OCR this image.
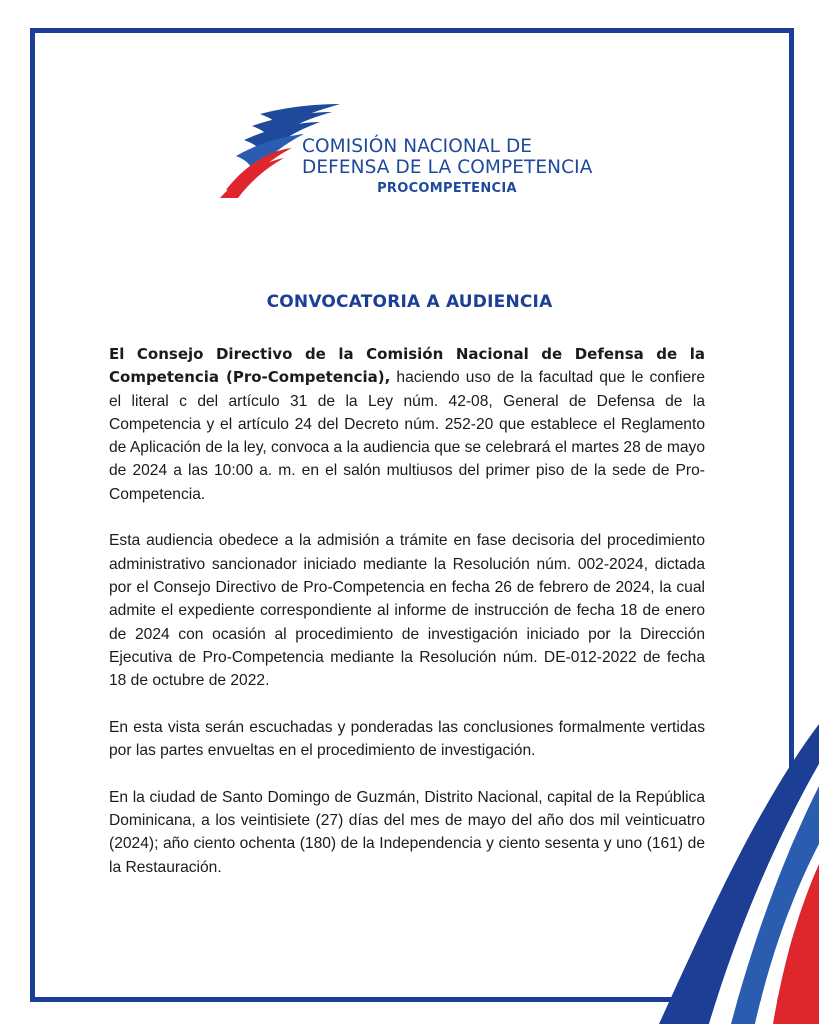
COMISIÓN NACIONAL DE
DEFENSA DE LA COMPETENCIA
PROCOMPETENCIA
CONVOCATORIA A AUDIENCIA

El Consejo Directivo de la Comisión Nacional de Defensa de la Competencia (Pro-Competencia), haciendo uso de la facultad que le confiere el literal c del artículo 31 de la Ley núm. 42-08, General de Defensa de la Competencia y el artículo 24 del Decreto núm. 252-20 que establece el Reglamento de Aplicación de la ley, convoca a la audiencia que se celebrará el martes 28 de mayo de 2024 a las 10:00 a. m. en el salón multiusos del primer piso de la sede de Pro-Competencia.

Esta audiencia obedece a la admisión a trámite en fase decisoria del procedimiento administrativo sancionador iniciado mediante la Resolución núm. 002-2024, dictada por el Consejo Directivo de Pro-Competencia en fecha 26 de febrero de 2024, la cual admite el expediente correspondiente al informe de instrucción de fecha 18 de enero de 2024 con ocasión al procedimiento de investigación iniciado por la Dirección Ejecutiva de Pro-Competencia mediante la Resolución núm. DE-012-2022 de fecha 18 de octubre de 2022.

En esta vista serán escuchadas y ponderadas las conclusiones formalmente vertidas por las partes envueltas en el procedimiento de investigación.

En la ciudad de Santo Domingo de Guzmán, Distrito Nacional, capital de la República Dominicana, a los veintisiete (27) días del mes de mayo del año dos mil veinticuatro (2024); año ciento ochenta (180) de la Independencia y ciento sesenta y uno (161) de la Restauración.
